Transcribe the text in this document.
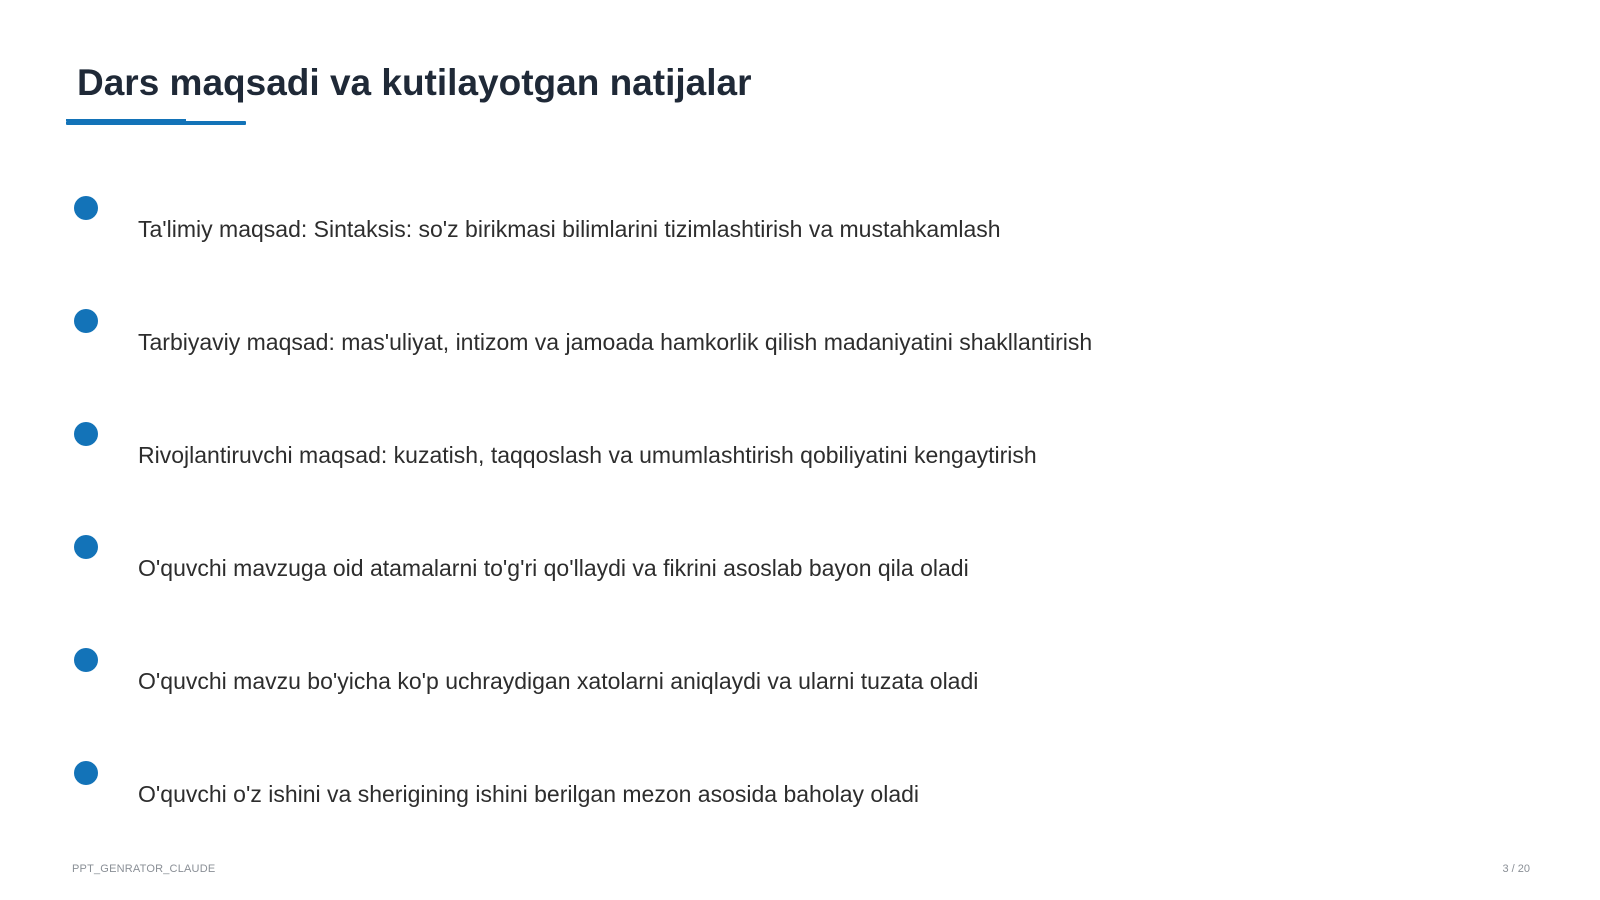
Dars maqsadi va kutilayotgan natijalar
Ta'limiy maqsad: Sintaksis: so'z birikmasi bilimlarini tizimlashtirish va mustahkamlash
Tarbiyaviy maqsad: mas'uliyat, intizom va jamoada hamkorlik qilish madaniyatini shakllantirish
Rivojlantiruvchi maqsad: kuzatish, taqqoslash va umumlashtirish qobiliyatini kengaytirish
O'quvchi mavzuga oid atamalarni to'g'ri qo'llaydi va fikrini asoslab bayon qila oladi
O'quvchi mavzu bo'yicha ko'p uchraydigan xatolarni aniqlaydi va ularni tuzata oladi
O'quvchi o'z ishini va sherigining ishini berilgan mezon asosida baholay oladi
PPT_GENRATOR_CLAUDE	3 / 20
